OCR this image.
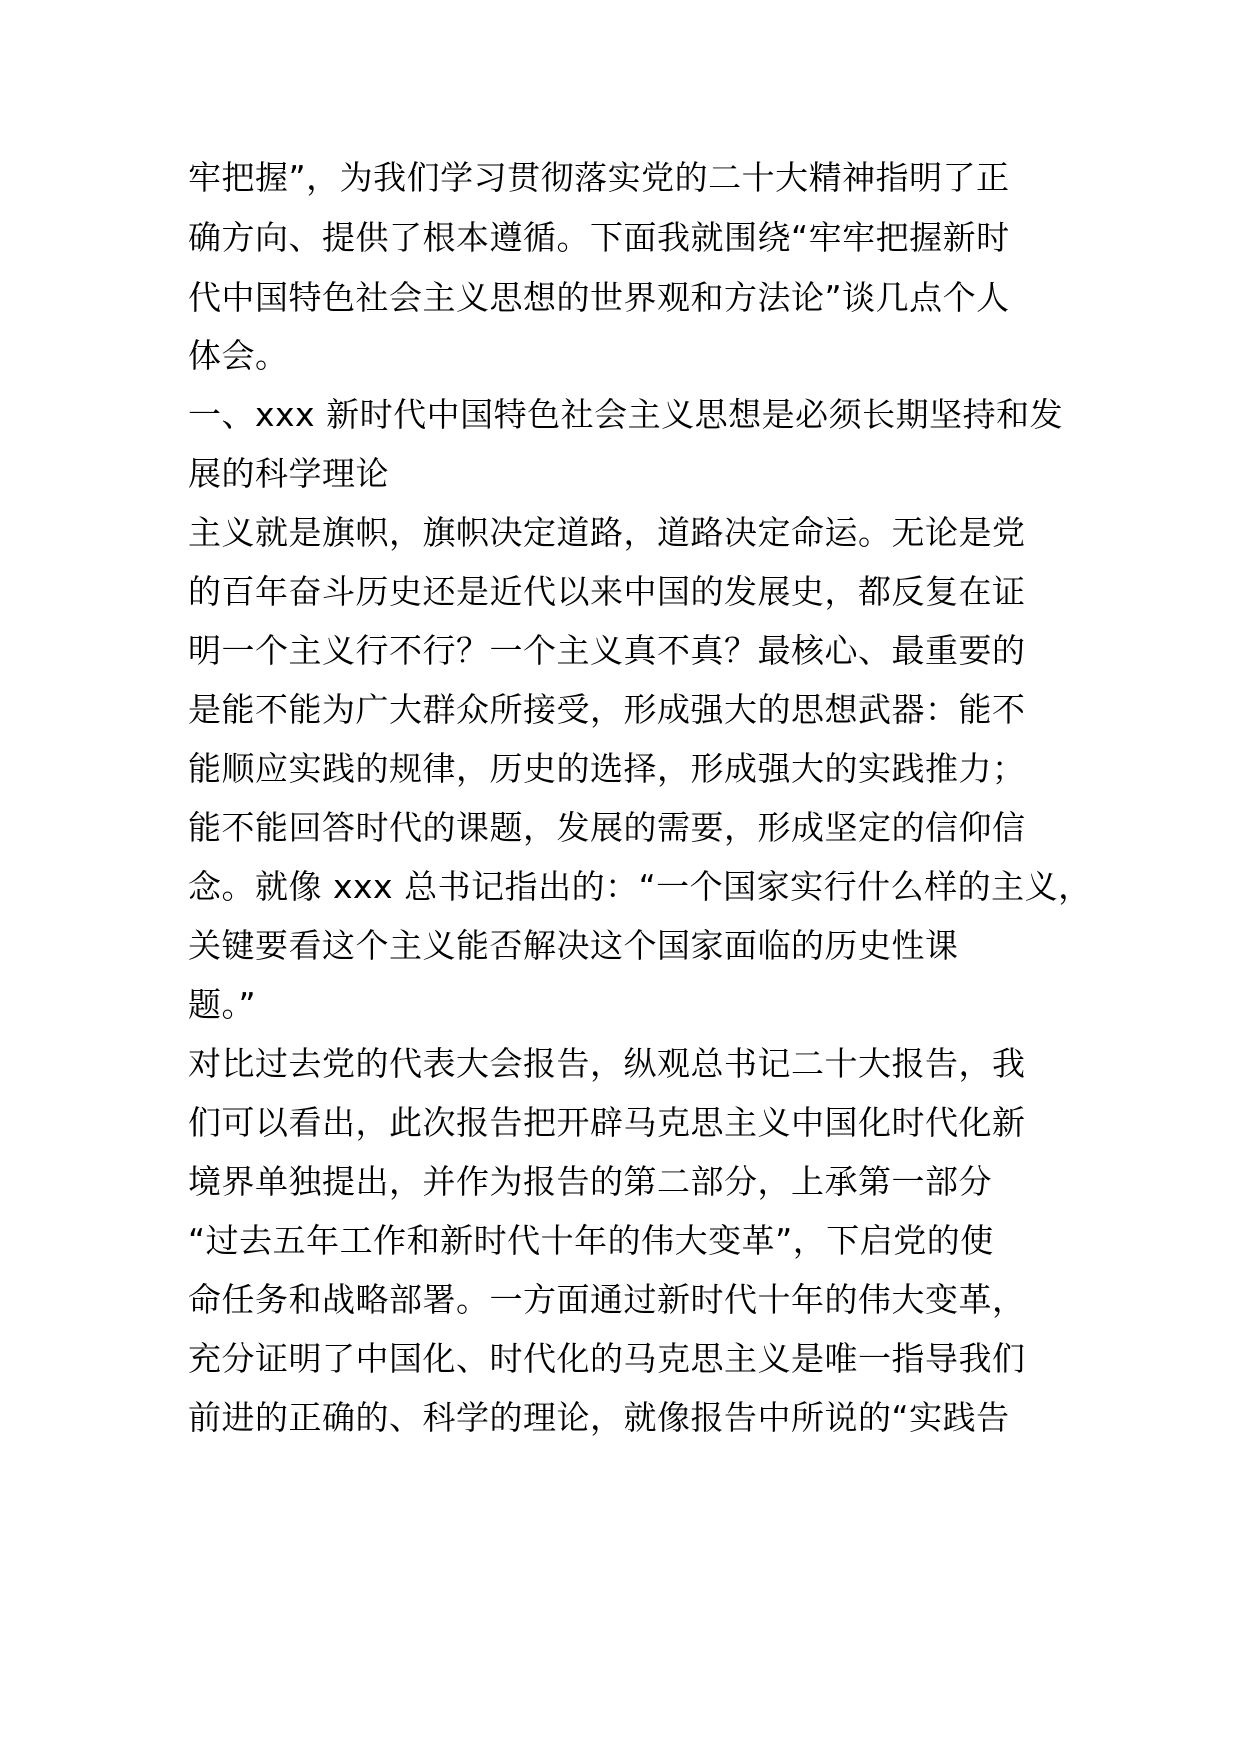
牢把握”，为我们学习贯彻落实党的二十大精神指明了正
确方向、提供了根本遵循。下面我就围绕“牢牢把握新时
代中国特色社会主义思想的世界观和方法论”谈几点个人
体会。
一、xxx 新时代中国特色社会主义思想是必须长期坚持和发
展的科学理论
主义就是旗帜，旗帜决定道路，道路决定命运。无论是党
的百年奋斗历史还是近代以来中国的发展史，都反复在证
明一个主义行不行？一个主义真不真？最核心、最重要的
是能不能为广大群众所接受，形成强大的思想武器：能不
能顺应实践的规律，历史的选择，形成强大的实践推力；
能不能回答时代的课题，发展的需要，形成坚定的信仰信
念。就像 xxx 总书记指出的：“一个国家实行什么样的主义，
关键要看这个主义能否解决这个国家面临的历史性课
题。”
对比过去党的代表大会报告，纵观总书记二十大报告，我
们可以看出，此次报告把开辟马克思主义中国化时代化新
境界单独提出，并作为报告的第二部分，上承第一部分
“过去五年工作和新时代十年的伟大变革”，下启党的使
命任务和战略部署。一方面通过新时代十年的伟大变革，
充分证明了中国化、时代化的马克思主义是唯一指导我们
前进的正确的、科学的理论，就像报告中所说的“实践告
